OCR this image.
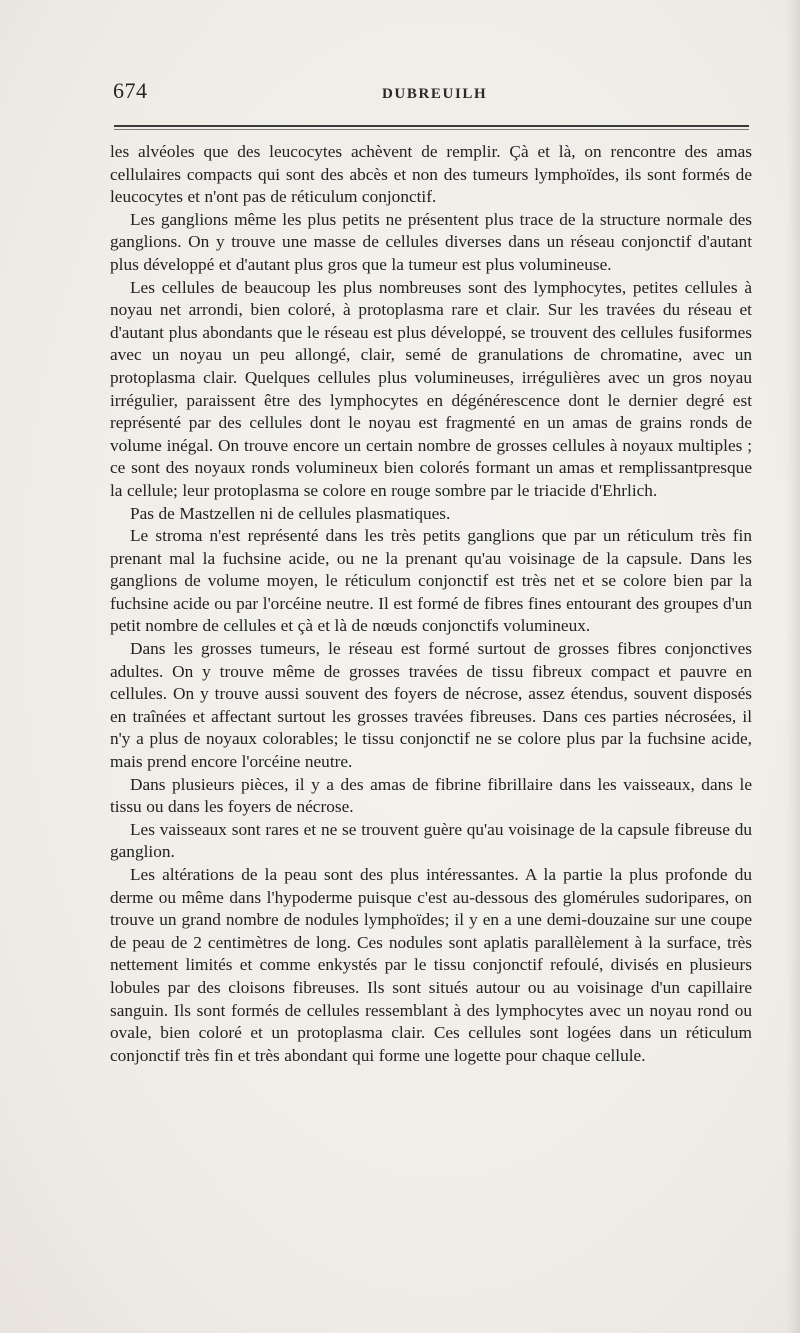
674	DUBREUILH

les alvéoles que des leucocytes achèvent de remplir. Çà et là, on rencontre des amas cellulaires compacts qui sont des abcès et non des tumeurs lymphoïdes, ils sont formés de leucocytes et n'ont pas de réticulum conjonctif.

Les ganglions même les plus petits ne présentent plus trace de la structure normale des ganglions. On y trouve une masse de cellules diverses dans un réseau conjonctif d'autant plus développé et d'autant plus gros que la tumeur est plus volumineuse.

Les cellules de beaucoup les plus nombreuses sont des lymphocytes, petites cellules à noyau net arrondi, bien coloré, à protoplasma rare et clair. Sur les travées du réseau et d'autant plus abondants que le réseau est plus développé, se trouvent des cellules fusiformes avec un noyau un peu allongé, clair, semé de granulations de chromatine, avec un protoplasma clair. Quelques cellules plus volumineuses, irrégulières avec un gros noyau irrégulier, paraissent être des lymphocytes en dégénérescence dont le dernier degré est représenté par des cellules dont le noyau est fragmenté en un amas de grains ronds de volume inégal. On trouve encore un certain nombre de grosses cellules à noyaux multiples ; ce sont des noyaux ronds volumineux bien colorés formant un amas et remplissantpresque la cellule; leur protoplasma se colore en rouge sombre par le triacide d'Ehrlich.

Pas de Mastzellen ni de cellules plasmatiques.

Le stroma n'est représenté dans les très petits ganglions que par un réticulum très fin prenant mal la fuchsine acide, ou ne la prenant qu'au voisinage de la capsule. Dans les ganglions de volume moyen, le réticulum conjonctif est très net et se colore bien par la fuchsine acide ou par l'orcéine neutre. Il est formé de fibres fines entourant des groupes d'un petit nombre de cellules et çà et là de nœuds conjonctifs volumineux.

Dans les grosses tumeurs, le réseau est formé surtout de grosses fibres conjonctives adultes. On y trouve même de grosses travées de tissu fibreux compact et pauvre en cellules. On y trouve aussi souvent des foyers de nécrose, assez étendus, souvent disposés en traînées et affectant surtout les grosses travées fibreuses. Dans ces parties nécrosées, il n'y a plus de noyaux colorables; le tissu conjonctif ne se colore plus par la fuchsine acide, mais prend encore l'orcéine neutre.

Dans plusieurs pièces, il y a des amas de fibrine fibrillaire dans les vaisseaux, dans le tissu ou dans les foyers de nécrose.

Les vaisseaux sont rares et ne se trouvent guère qu'au voisinage de la capsule fibreuse du ganglion.

Les altérations de la peau sont des plus intéressantes. A la partie la plus profonde du derme ou même dans l'hypoderme puisque c'est au-dessous des glomérules sudoripares, on trouve un grand nombre de nodules lymphoïdes; il y en a une demi-douzaine sur une coupe de peau de 2 centimètres de long. Ces nodules sont aplatis parallèlement à la surface, très nettement limités et comme enkystés par le tissu conjonctif refoulé, divisés en plusieurs lobules par des cloisons fibreuses. Ils sont situés autour ou au voisinage d'un capillaire sanguin. Ils sont formés de cellules ressemblant à des lymphocytes avec un noyau rond ou ovale, bien coloré et un protoplasma clair. Ces cellules sont logées dans un réticulum conjonctif très fin et très abondant qui forme une logette pour chaque cellule.
